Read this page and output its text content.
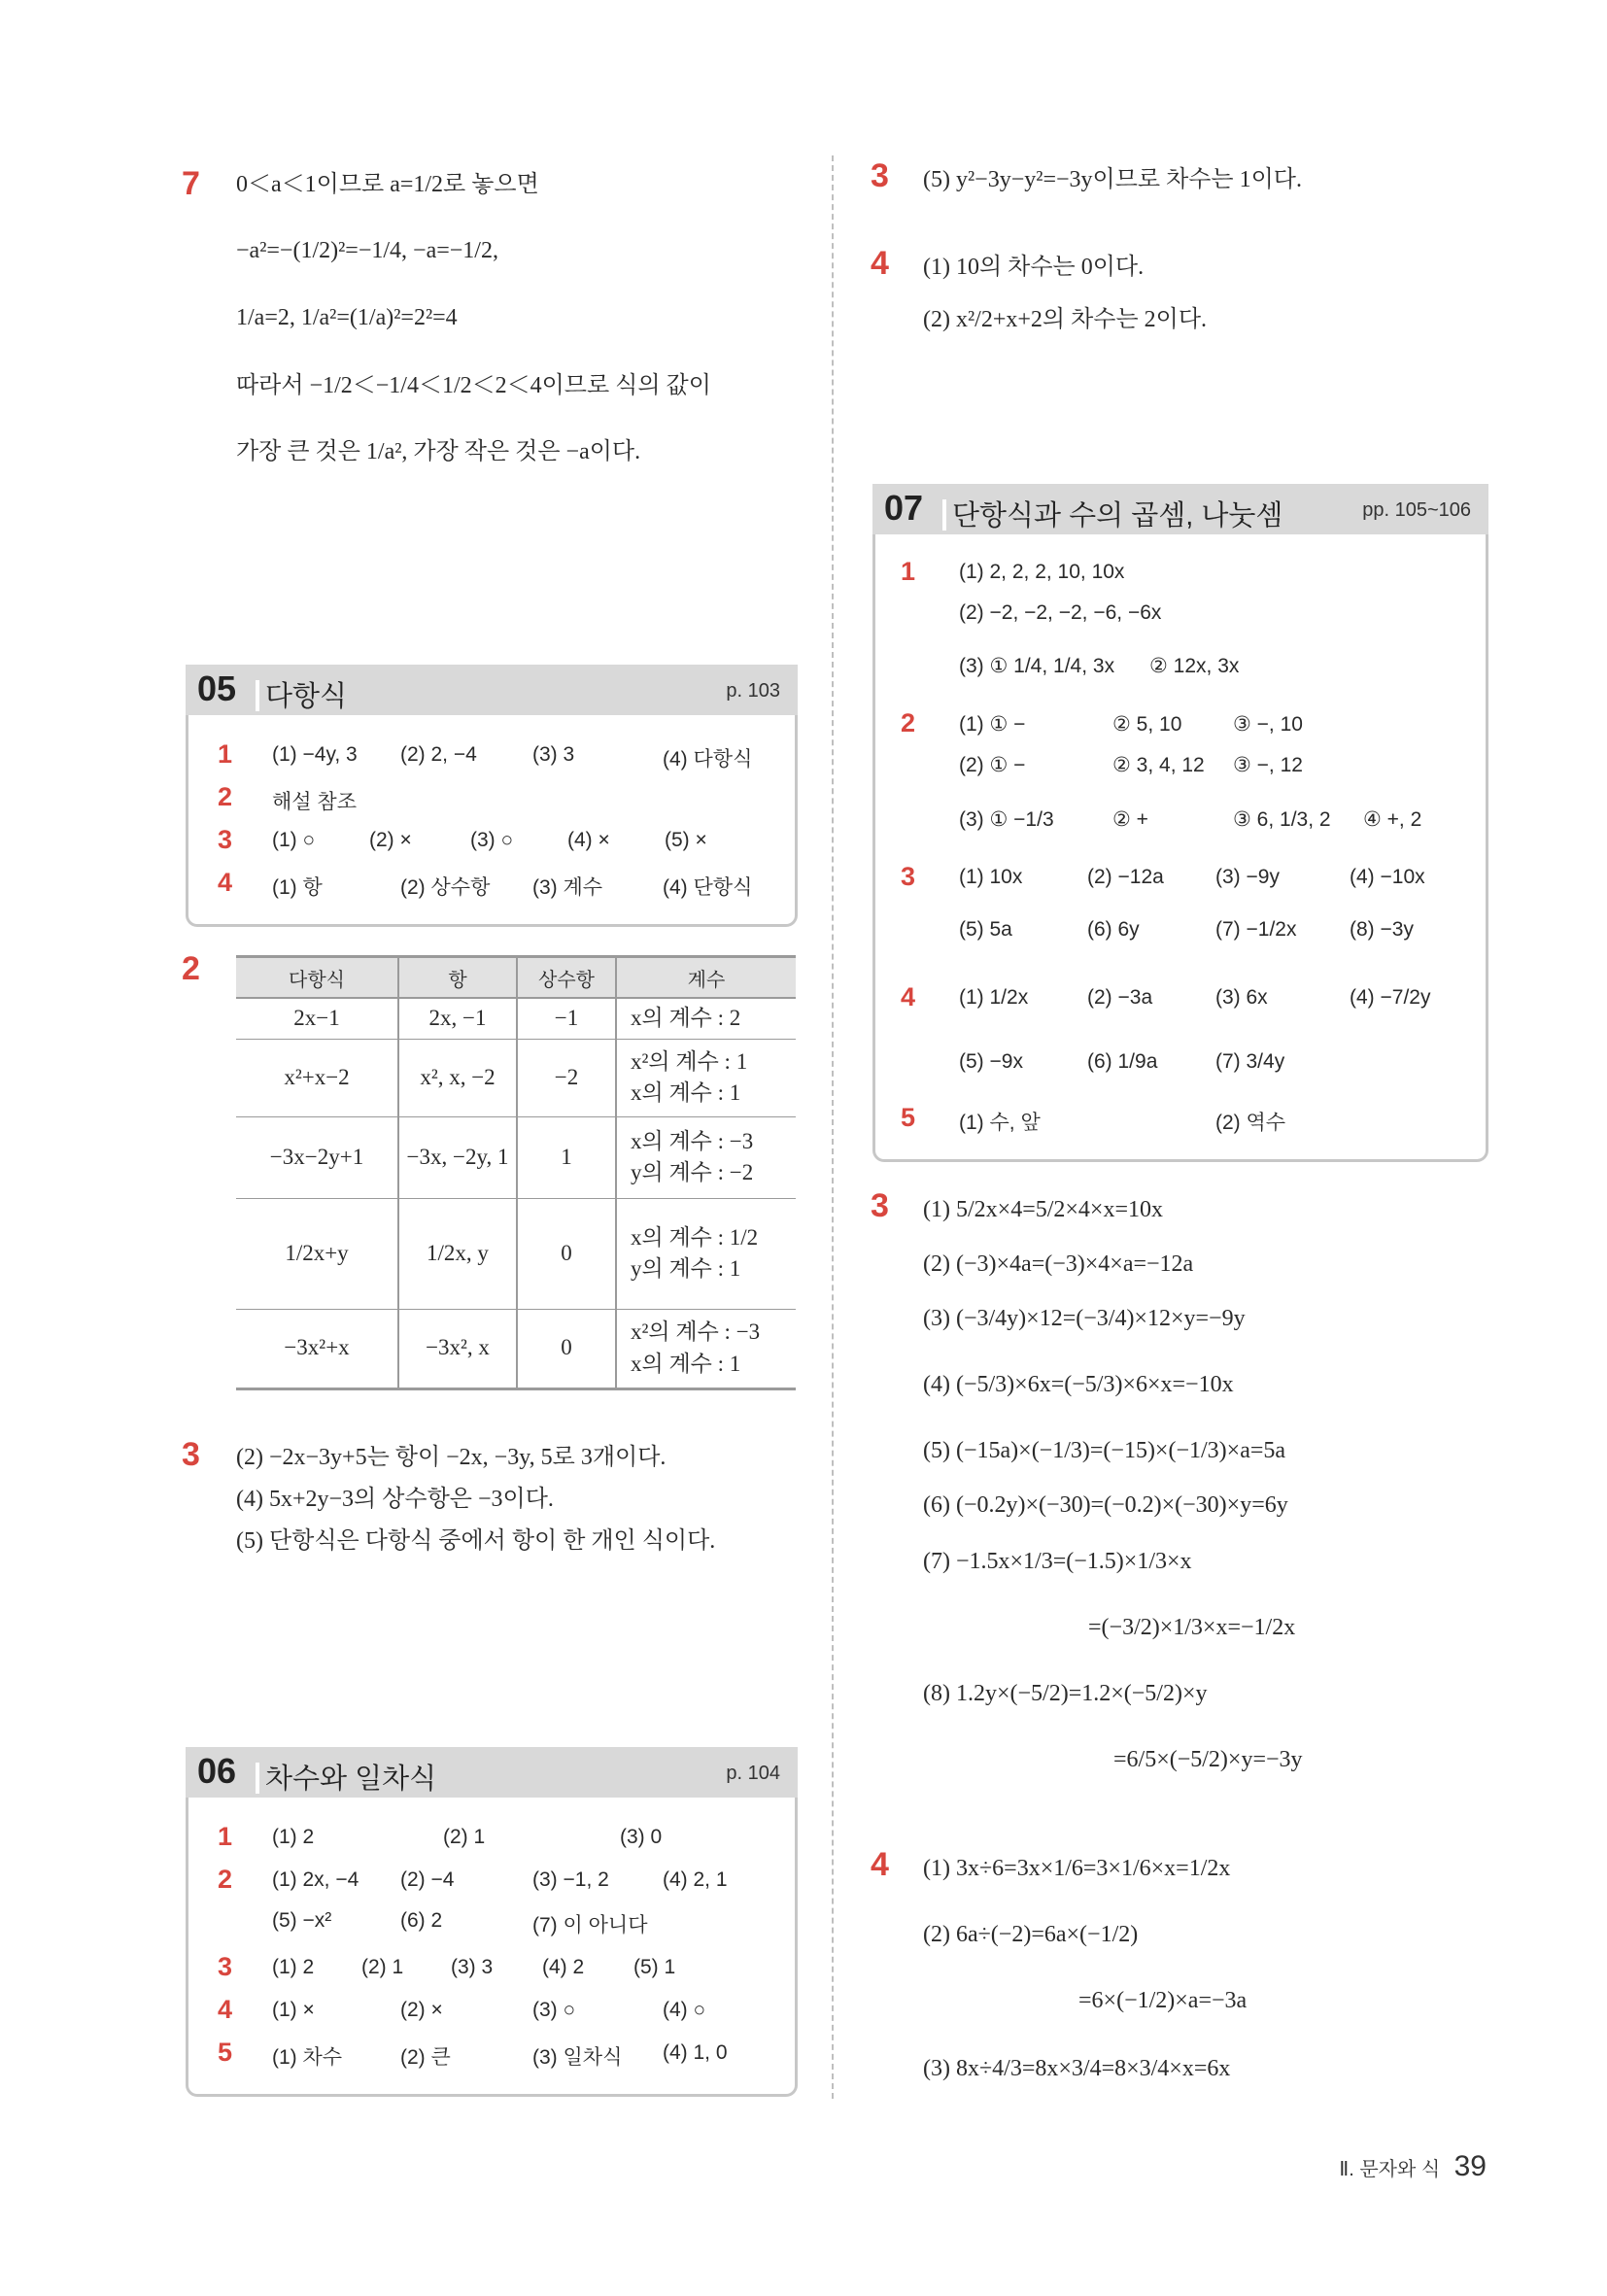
7 0＜a＜1이므로 a=1/2로 놓으면
−a²=−(1/2)²=−1/4, −a=−1/2,
1/a=2, 1/a²=(1/a)²=2²=4
따라서 −1/2＜−1/4＜1/2＜2＜4이므로 식의 값이
가장 큰 것은 1/a², 가장 작은 것은 −a이다.
05 다항식	p. 103
1 (1) −4y, 3 (2) 2, −4	(3) 3	(4) 다항식
2 해설 참조
3 (1) ○	(2) ×	(3) ○	(4) ×	(5) ×
4 (1) 항	(2) 상수항 (3) 계수	(4) 단항식
2	다항식	항	상수항	계수
2x−1	2x, −1	−1	x의 계수 : 2

x²+x−2	x², x, −2	−2	x²의 계수 : 1
x의 계수 : 1

−3x−2y+1	−3x, −2y, 1	1	x의 계수 : −3
y의 계수 : −2

1/2x+y	1/2x, y	0	x의 계수 : 1/2
y의 계수 : 1

−3x²+x	−3x², x	0	x²의 계수 : −3
x의 계수 : 1
3 (2) −2x−3y+5는 항이 −2x, −3y, 5로 3개이다.
(4) 5x+2y−3의 상수항은 −3이다.
(5) 단항식은 다항식 중에서 항이 한 개인 식이다.
06 차수와 일차식	p. 104
1 (1) 2	(2) 1	(3) 0
2 (1) 2x, −4 (2) −4	(3) −1, 2	(4) 2, 1
(5) −x²	(6) 2	(7) 이 아니다
3 (1) 2 (2) 1 (3) 3 (4) 2 (5) 1
4 (1) ×	(2) ×	(3) ○	(4) ○
5 (1) 차수	(2) 큰	(3) 일차식 (4) 1, 0
3 (5) y²−3y−y²=−3y이므로 차수는 1이다.
4 (1) 10의 차수는 0이다.
(2) x²/2+x+2의 차수는 2이다.
07 단항식과 수의 곱셈, 나눗셈	pp. 105~106
1 (1) 2, 2, 2, 10, 10x
(2) −2, −2, −2, −6, −6x
(3) ① 1/4, 1/4, 3x ② 12x, 3x
2 (1) ① −	② 5, 10	③ −, 10
(2) ① −	② 3, 4, 12 ③ −, 12
(3) ① −1/3	② +	③ 6, 1/3, 2 ④ +, 2
3 (1) 10x	(2) −12a	(3) −9y	(4) −10x
(5) 5a	(6) 6y	(7) −1/2x	(8) −3y
4 (1) 1/2x	(2) −3a	(3) 6x	(4) −7/2y
(5) −9x	(6) 1/9a	(7) 3/4y
5 (1) 수, 앞	(2) 역수
3 (1) 5/2x×4=5/2×4×x=10x
(2) (−3)×4a=(−3)×4×a=−12a
(3) (−3/4y)×12=(−3/4)×12×y=−9y
(4) (−5/3)×6x=(−5/3)×6×x=−10x
(5) (−15a)×(−1/3)=(−15)×(−1/3)×a=5a
(6) (−0.2y)×(−30)=(−0.2)×(−30)×y=6y
(7) −1.5x×1/3=(−1.5)×1/3×x
=(−3/2)×1/3×x=−1/2x
(8) 1.2y×(−5/2)=1.2×(−5/2)×y
=6/5×(−5/2)×y=−3y
4 (1) 3x÷6=3x×1/6=3×1/6×x=1/2x
(2) 6a÷(−2)=6a×(−1/2)
=6×(−1/2)×a=−3a
(3) 8x÷4/3=8x×3/4=8×3/4×x=6x
Ⅱ. 문자와 식 39
